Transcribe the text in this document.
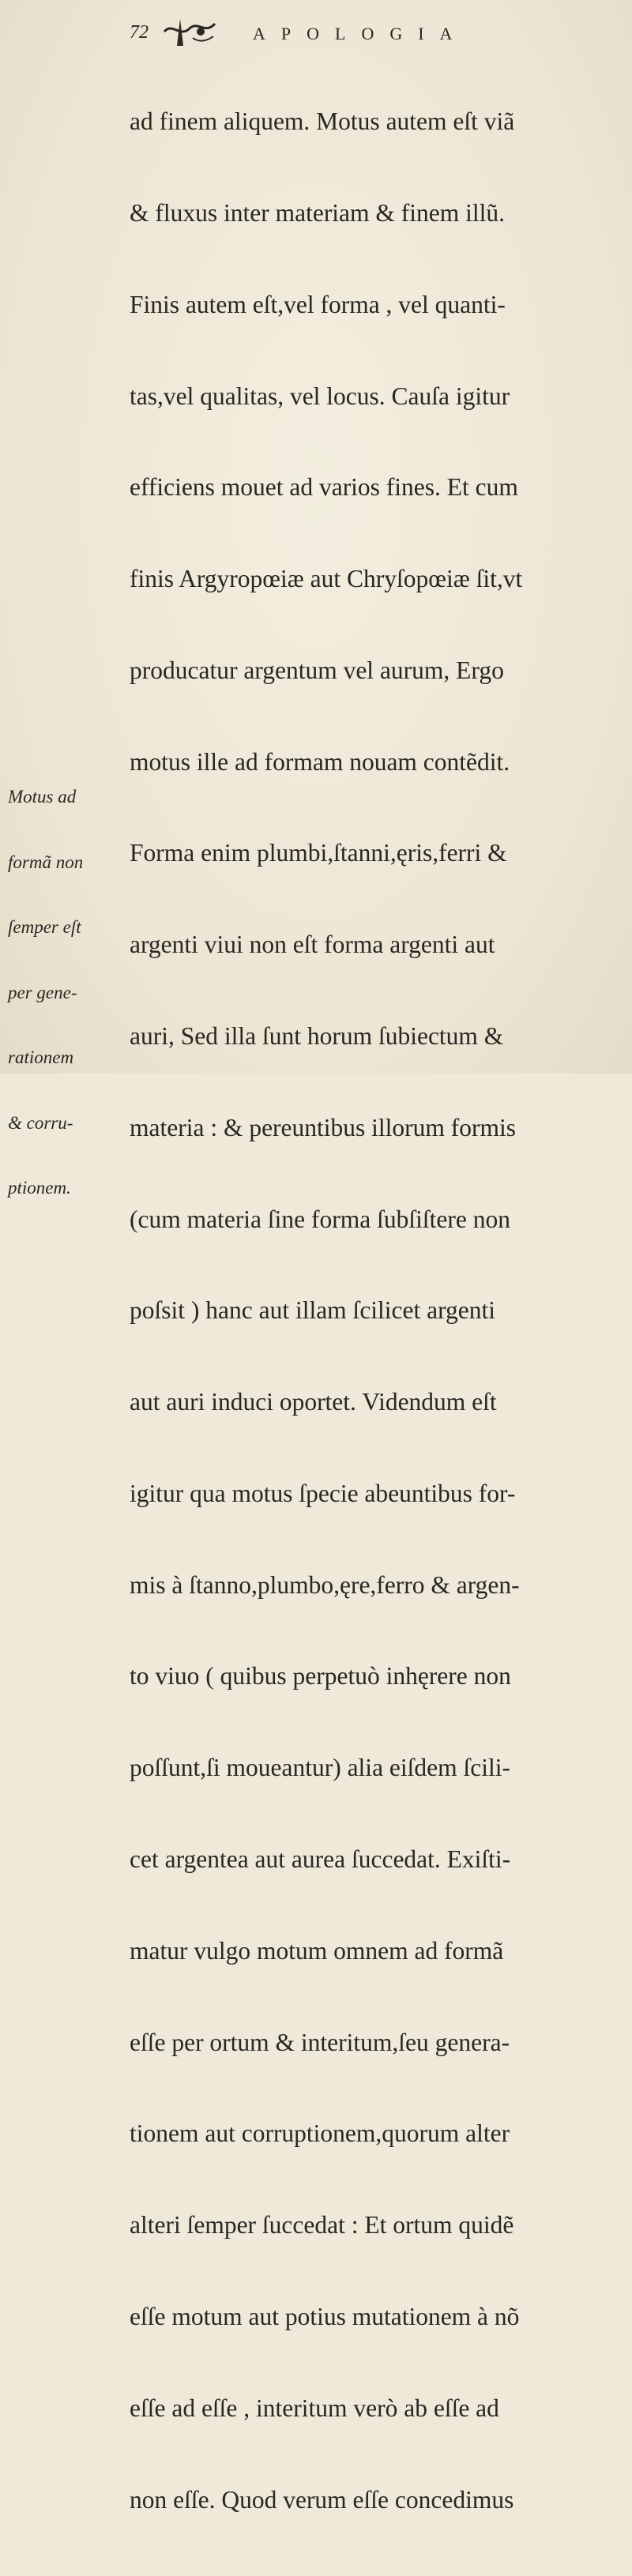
72	APOLOGIA

ad finem aliquem. Motus autem eſt viã

& fluxus inter materiam & finem illũ.

Finis autem eſt,vel forma , vel quanti-

tas,vel qualitas, vel locus. Cauſa igitur

efficiens mouet ad varios fines. Et cum

finis Argyropœiæ aut Chryſopœiæ ſit,vt

producatur argentum vel aurum, Ergo

motus ille ad formam nouam contẽdit.

Forma enim plumbi,ſtanni,ęris,ferri &

argenti viui non eſt forma argenti aut

auri, Sed illa ſunt horum ſubiectum &

materia : & pereuntibus illorum formis

(cum materia ſine forma ſubſiſtere non

poſsit ) hanc aut illam ſcilicet argenti

aut auri induci oportet. Videndum eſt

igitur qua motus ſpecie abeuntibus for-

mis à ſtanno,plumbo,ęre,ferro & argen-

to viuo ( quibus perpetuò inhęrere non

poſſunt,ſi moueantur) alia eiſdem ſcili-

cet argentea aut aurea ſuccedat. Exiſti-

matur vulgo motum omnem ad formã

eſſe per ortum & interitum,ſeu genera-

tionem aut corruptionem,quorum alter

alteri ſemper ſuccedat : Et ortum quidẽ

eſſe motum aut potius mutationem à nõ

eſſe ad eſſe , interitum verò ab eſſe ad

non eſſe. Quod verum eſſe concedimus

Motus ad

formã non

ſemper eſt

per gene-

rationem

& corru-

ptionem.
